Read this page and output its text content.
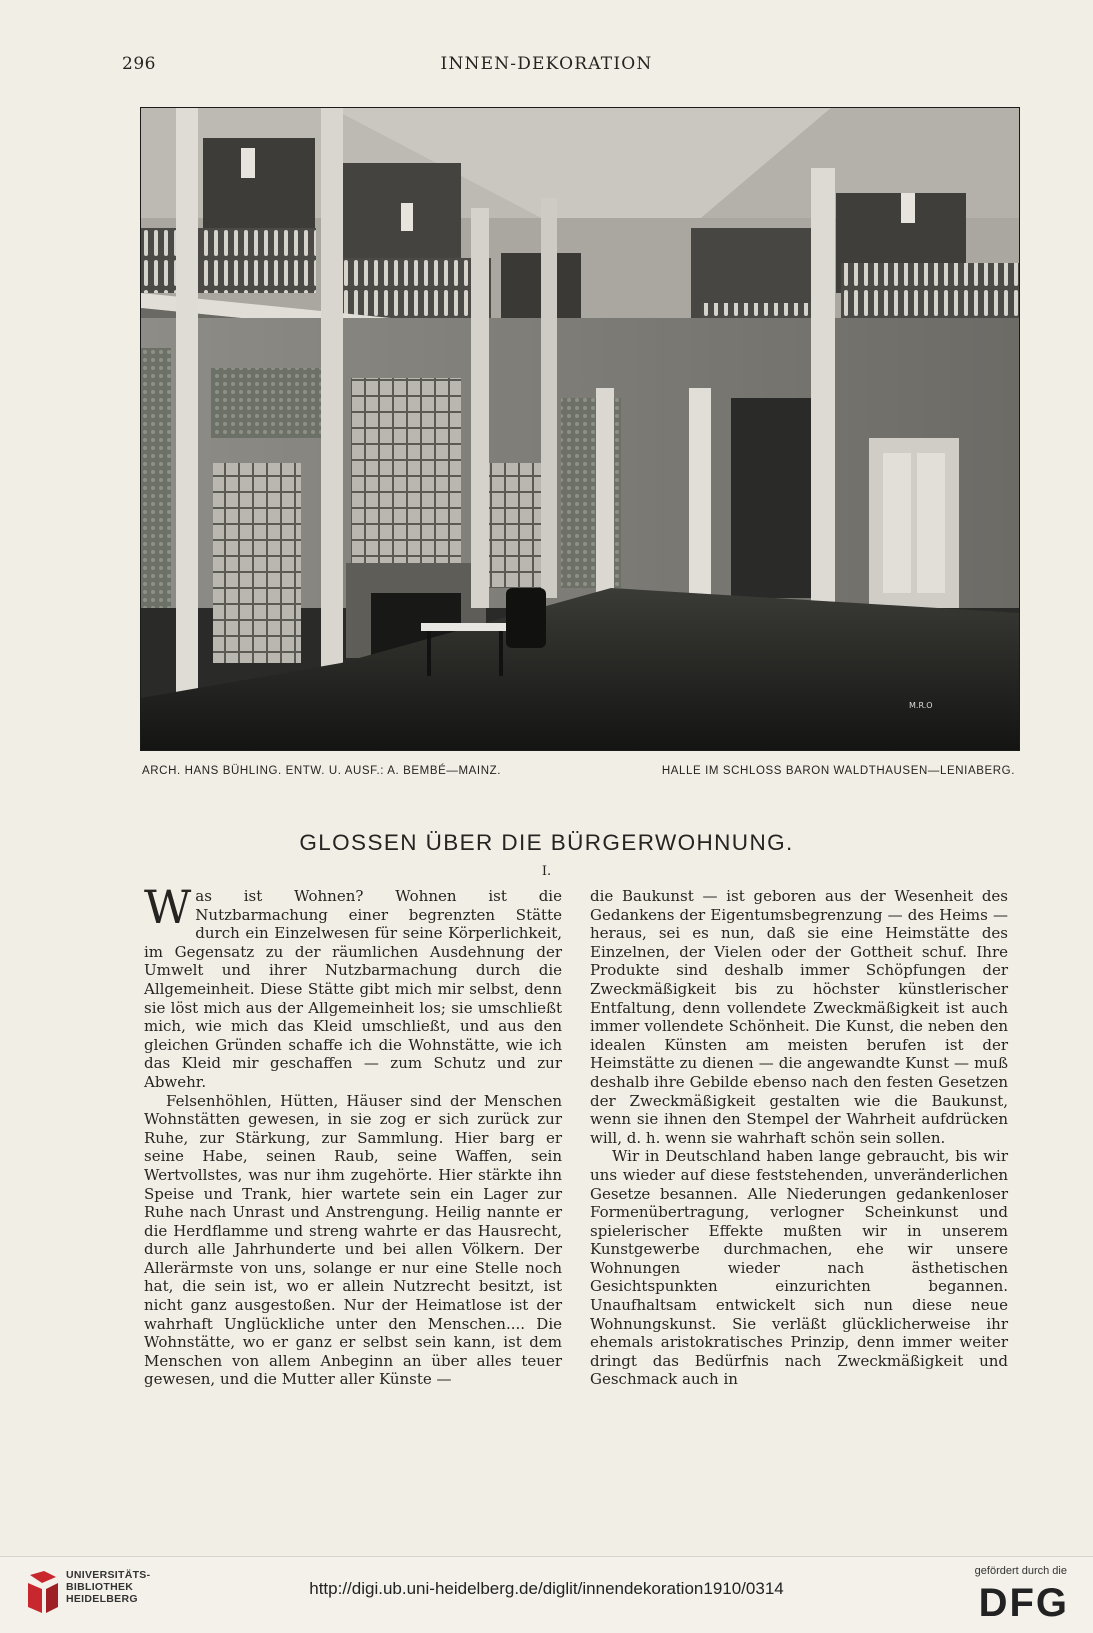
296	INNEN-DEKORATION
M.R.O
ARCH. HANS BÜHLING. ENTW. U. AUSF.: A. BEMBÉ—MAINZ.	HALLE IM SCHLOSS BARON WALDTHAUSEN—LENIABERG.
GLOSSEN ÜBER DIE BÜRGERWOHNUNG.
I.

Was ist Wohnen? Wohnen ist die Nutzbarmachung einer begrenzten Stätte durch ein Einzelwesen für seine Körperlichkeit, im Gegensatz zu der räumlichen Ausdehnung der Umwelt und ihrer Nutzbarmachung durch die Allgemeinheit. Diese Stätte gibt mich mir selbst, denn sie löst mich aus der Allgemeinheit los; sie umschließt mich, wie mich das Kleid umschließt, und aus den gleichen Gründen schaffe ich die Wohnstätte, wie ich das Kleid mir geschaffen — zum Schutz und zur Abwehr.

Felsenhöhlen, Hütten, Häuser sind der Menschen Wohnstätten gewesen, in sie zog er sich zurück zur Ruhe, zur Stärkung, zur Sammlung. Hier barg er seine Habe, seinen Raub, seine Waffen, sein Wertvollstes, was nur ihm zugehörte. Hier stärkte ihn Speise und Trank, hier wartete sein ein Lager zur Ruhe nach Unrast und Anstrengung. Heilig nannte er die Herdflamme und streng wahrte er das Hausrecht, durch alle Jahrhunderte und bei allen Völkern. Der Allerärmste von uns, solange er nur eine Stelle noch hat, die sein ist, wo er allein Nutzrecht besitzt, ist nicht ganz ausgestoßen. Nur der Heimatlose ist der wahrhaft Unglückliche unter den Menschen.... Die Wohnstätte, wo er ganz er selbst sein kann, ist dem Menschen von allem Anbeginn an über alles teuer gewesen, und die Mutter aller Künste —

die Baukunst — ist geboren aus der Wesenheit des Gedankens der Eigentumsbegrenzung — des Heims — heraus, sei es nun, daß sie eine Heimstätte des Einzelnen, der Vielen oder der Gottheit schuf. Ihre Produkte sind deshalb immer Schöpfungen der Zweckmäßigkeit bis zu höchster künstlerischer Entfaltung, denn vollendete Zweckmäßigkeit ist auch immer vollendete Schönheit. Die Kunst, die neben den idealen Künsten am meisten berufen ist der Heimstätte zu dienen — die angewandte Kunst — muß deshalb ihre Gebilde ebenso nach den festen Gesetzen der Zweckmäßigkeit gestalten wie die Baukunst, wenn sie ihnen den Stempel der Wahrheit aufdrücken will, d. h. wenn sie wahrhaft schön sein sollen.

Wir in Deutschland haben lange gebraucht, bis wir uns wieder auf diese feststehenden, unveränderlichen Gesetze besannen. Alle Niederungen gedankenloser Formenübertragung, verlogner Scheinkunst und spielerischer Effekte mußten wir in unserem Kunstgewerbe durchmachen, ehe wir unsere Wohnungen wieder nach ästhetischen Gesichtspunkten einzurichten begannen. Unaufhaltsam entwickelt sich nun diese neue Wohnungskunst. Sie verläßt glücklicherweise ihr ehemals aristokratisches Prinzip, denn immer weiter dringt das Bedürfnis nach Zweckmäßigkeit und Geschmack auch in

UNIVERSITÄTS-
BIBLIOTHEK
HEIDELBERG
http://digi.ub.uni-heidelberg.de/diglit/innendekoration1910/0314
gefördert durch die
DFG
